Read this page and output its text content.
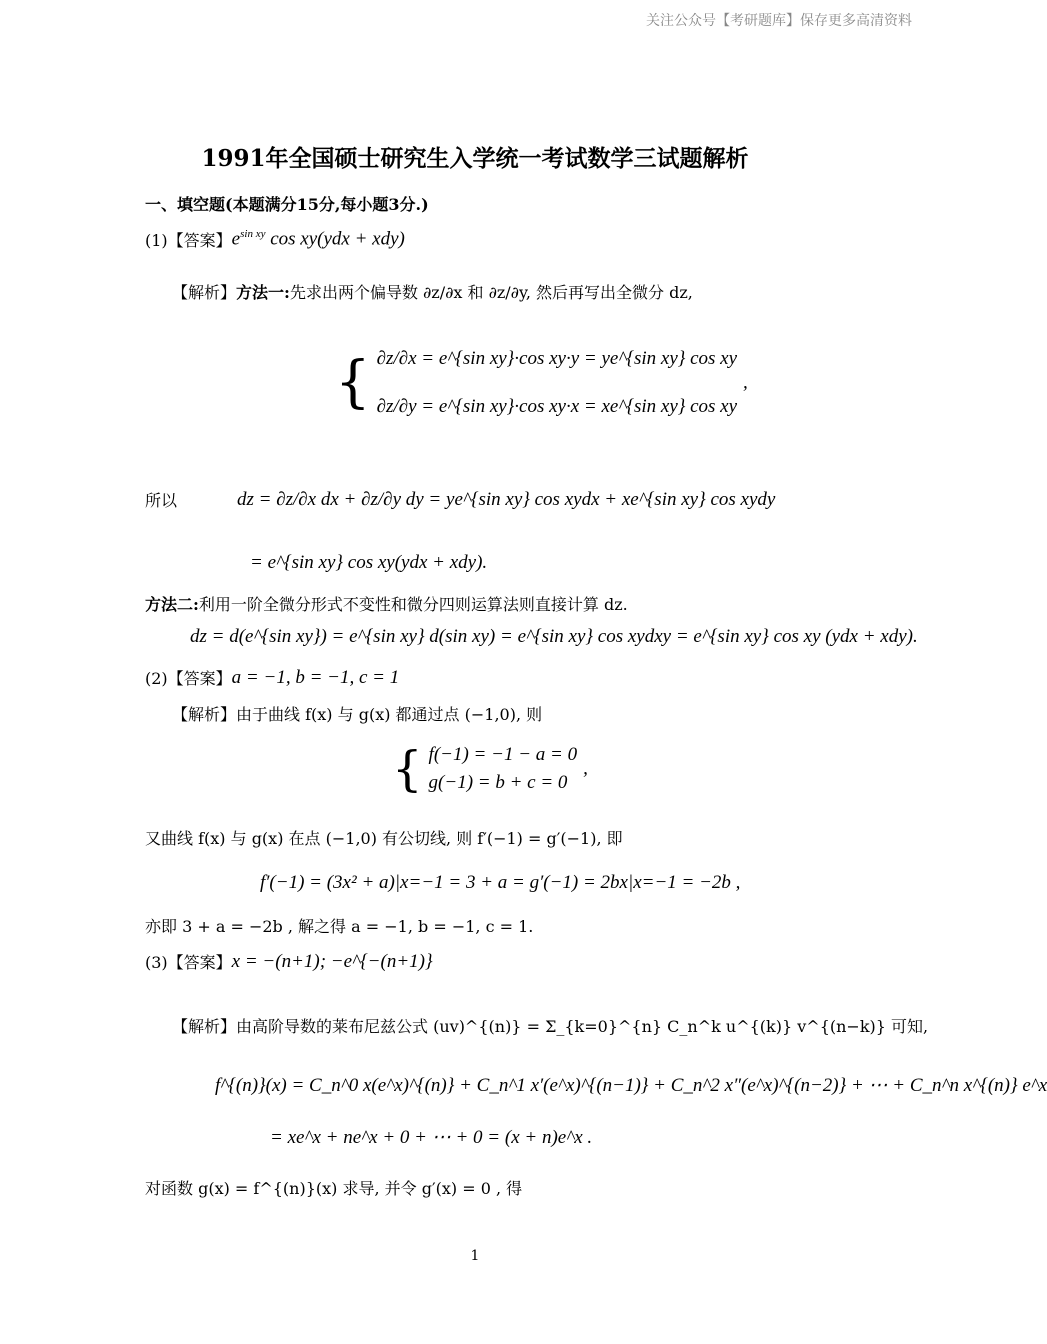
关注公众号【考研题库】保存更多高清资料
1991年全国硕士研究生入学统一考试数学三试题解析
一、填空题(本题满分15分,每小题3分.)
(1)【答案】 $e^{sin xy}$ cos xy(ydx + xdy)
【解析】 方法一: 先求出两个偏导数 ∂z/∂x 和 ∂z/∂y, 然后再写出全微分 dz,
{ ∂z/∂x = e^{sin xy}·cos xy·y = ye^{sin xy} cos xy
∂z/∂y = e^{sin xy}·cos xy·x = xe^{sin xy} cos xy
,
所以	dz = ∂z/∂x dx + ∂z/∂y dy = ye^{sin xy} cos xydx + xe^{sin xy} cos xydy
= e^{sin xy} cos xy(ydx + xdy).
方法二: 利用一阶全微分形式不变性和微分四则运算法则直接计算 dz.
dz = d(e^{sin xy}) = e^{sin xy} d(sin xy) = e^{sin xy} cos xydxy = e^{sin xy} cos xy (ydx + xdy).
(2)【答案】 a = −1, b = −1, c = 1
【解析】 由于曲线 f(x) 与 g(x) 都通过点 (−1,0), 则
{ f(−1) = −1 − a = 0
g(−1) = b + c = 0
,
又曲线 f(x) 与 g(x) 在点 (−1,0) 有公切线, 则 f′(−1) = g′(−1), 即
f′(−1) = (3x² + a)|x=−1 = 3 + a = g′(−1) = 2bx|x=−1 = −2b ,
亦即 3 + a = −2b , 解之得 a = −1, b = −1, c = 1.
(3)【答案】 x = −(n+1); −e^{−(n+1)}
【解析】 由高阶导数的莱布尼兹公式 (uv)^{(n)} = Σ_{k=0}^{n} C_n^k u^{(k)} v^{(n−k)} 可知,
f^{(n)}(x) = C_n^0 x(e^x)^{(n)} + C_n^1 x′(e^x)^{(n−1)} + C_n^2 x″(e^x)^{(n−2)} + ⋯ + C_n^n x^{(n)} e^x
= xe^x + ne^x + 0 + ⋯ + 0 = (x + n)e^x .
对函数 g(x) = f^{(n)}(x) 求导, 并令 g′(x) = 0 , 得
1
